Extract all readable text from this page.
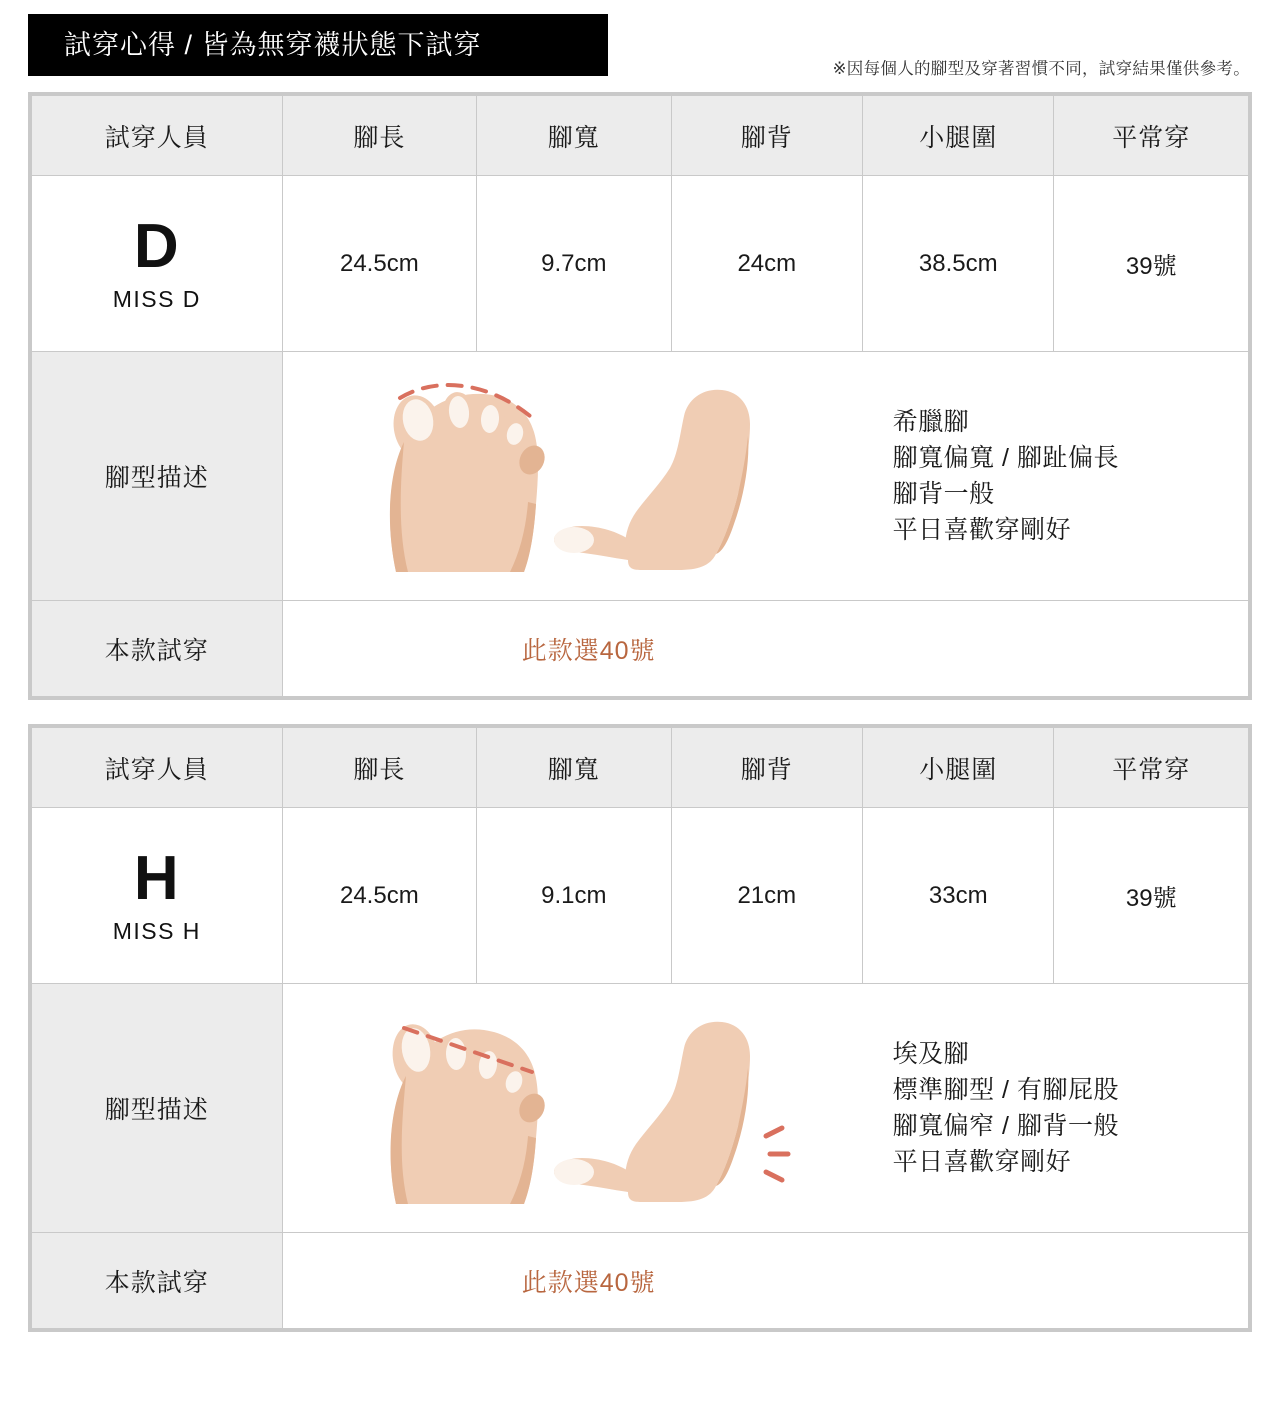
試穿心得 / 皆為無穿襪狀態下試穿
※因每個人的腳型及穿著習慣不同，試穿結果僅供參考。
試穿人員	腳長	腳寬	腳背	小腿圍	平常穿

D
MISS D	24.5cm	9.7cm	24cm	38.5cm	39號
腳型描述	希臘腳
腳寬偏寬 / 腳趾偏長
腳背一般
平日喜歡穿剛好				

本款試穿	此款選40號				
試穿人員	腳長	腳寬	腳背	小腿圍	平常穿

H
MISS H	24.5cm	9.1cm	21cm	33cm	39號
腳型描述	埃及腳
標準腳型 / 有腳屁股
腳寬偏窄 / 腳背一般
平日喜歡穿剛好				

本款試穿	此款選40號				
